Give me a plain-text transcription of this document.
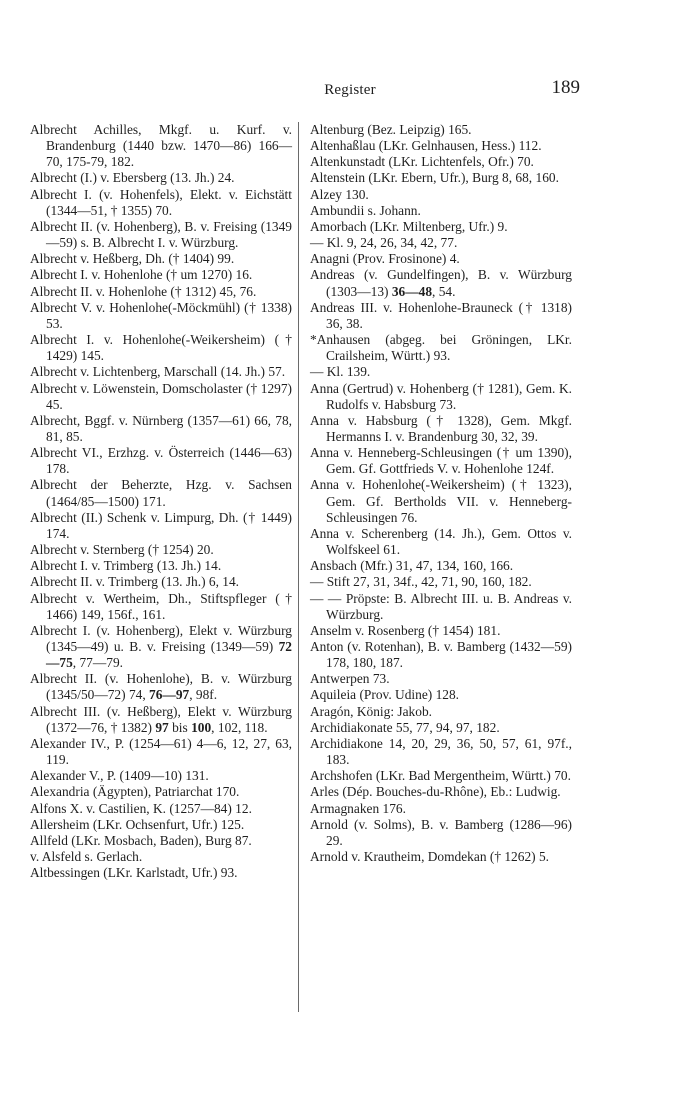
Register	189

Albrecht Achilles, Mkgf. u. Kurf. v. Brandenburg (1440 bzw. 1470—86) 166—70, 175-79, 182.

Albrecht (I.) v. Ebersberg (13. Jh.) 24.

Albrecht I. (v. Hohenfels), Elekt. v. Eichstätt (1344—51, † 1355) 70.

Albrecht II. (v. Hohenberg), B. v. Freising (1349—59) s. B. Albrecht I. v. Würzburg.

Albrecht v. Heßberg, Dh. († 1404) 99.

Albrecht I. v. Hohenlohe († um 1270) 16.

Albrecht II. v. Hohenlohe († 1312) 45, 76.

Albrecht V. v. Hohenlohe(-Möckmühl) († 1338) 53.

Albrecht I. v. Hohenlohe(-Weikersheim) († 1429) 145.

Albrecht v. Lichtenberg, Marschall (14. Jh.) 57.

Albrecht v. Löwenstein, Domscholaster († 1297) 45.

Albrecht, Bggf. v. Nürnberg (1357—61) 66, 78, 81, 85.

Albrecht VI., Erzhzg. v. Österreich (1446—63) 178.

Albrecht der Beherzte, Hzg. v. Sachsen (1464/85—1500) 171.

Albrecht (II.) Schenk v. Limpurg, Dh. († 1449) 174.

Albrecht v. Sternberg († 1254) 20.

Albrecht I. v. Trimberg (13. Jh.) 14.

Albrecht II. v. Trimberg (13. Jh.) 6, 14.

Albrecht v. Wertheim, Dh., Stiftspfleger († 1466) 149, 156f., 161.

Albrecht I. (v. Hohenberg), Elekt v. Würzburg (1345—49) u. B. v. Freising (1349—59) 72—75, 77—79.

Albrecht II. (v. Hohenlohe), B. v. Würzburg (1345/50—72) 74, 76—97, 98f.

Albrecht III. (v. Heßberg), Elekt v. Würzburg (1372—76, † 1382) 97 bis 100, 102, 118.

Alexander IV., P. (1254—61) 4—6, 12, 27, 63, 119.

Alexander V., P. (1409—10) 131.

Alexandria (Ägypten), Patriarchat 170.

Alfons X. v. Castilien, K. (1257—84) 12.

Allersheim (LKr. Ochsenfurt, Ufr.) 125.

Allfeld (LKr. Mosbach, Baden), Burg 87.

v. Alsfeld s. Gerlach.

Altbessingen (LKr. Karlstadt, Ufr.) 93.

Altenburg (Bez. Leipzig) 165.

Altenhaßlau (LKr. Gelnhausen, Hess.) 112.

Altenkunstadt (LKr. Lichtenfels, Ofr.) 70.

Altenstein (LKr. Ebern, Ufr.), Burg 8, 68, 160.

Alzey 130.

Ambundii s. Johann.

Amorbach (LKr. Miltenberg, Ufr.) 9.

— Kl. 9, 24, 26, 34, 42, 77.

Anagni (Prov. Frosinone) 4.

Andreas (v. Gundelfingen), B. v. Würzburg (1303—13) 36—48, 54.

Andreas III. v. Hohenlohe-Brauneck († 1318) 36, 38.

*Anhausen (abgeg. bei Gröningen, LKr. Crailsheim, Württ.) 93.

— Kl. 139.

Anna (Gertrud) v. Hohenberg († 1281), Gem. K. Rudolfs v. Habsburg 73.

Anna v. Habsburg († 1328), Gem. Mkgf. Hermanns I. v. Brandenburg 30, 32, 39.

Anna v. Henneberg-Schleusingen († um 1390), Gem. Gf. Gottfrieds V. v. Hohenlohe 124f.

Anna v. Hohenlohe(-Weikersheim) († 1323), Gem. Gf. Bertholds VII. v. Henneberg-Schleusingen 76.

Anna v. Scherenberg (14. Jh.), Gem. Ottos v. Wolfskeel 61.

Ansbach (Mfr.) 31, 47, 134, 160, 166.

— Stift 27, 31, 34f., 42, 71, 90, 160, 182.

— — Pröpste: B. Albrecht III. u. B. Andreas v. Würzburg.

Anselm v. Rosenberg († 1454) 181.

Anton (v. Rotenhan), B. v. Bamberg (1432—59) 178, 180, 187.

Antwerpen 73.

Aquileia (Prov. Udine) 128.

Aragón, König: Jakob.

Archidiakonate 55, 77, 94, 97, 182.

Archidiakone 14, 20, 29, 36, 50, 57, 61, 97f., 183.

Archshofen (LKr. Bad Mergentheim, Württ.) 70.

Arles (Dép. Bouches-du-Rhône), Eb.: Ludwig.

Armagnaken 176.

Arnold (v. Solms), B. v. Bamberg (1286—96) 29.

Arnold v. Krautheim, Domdekan († 1262) 5.
